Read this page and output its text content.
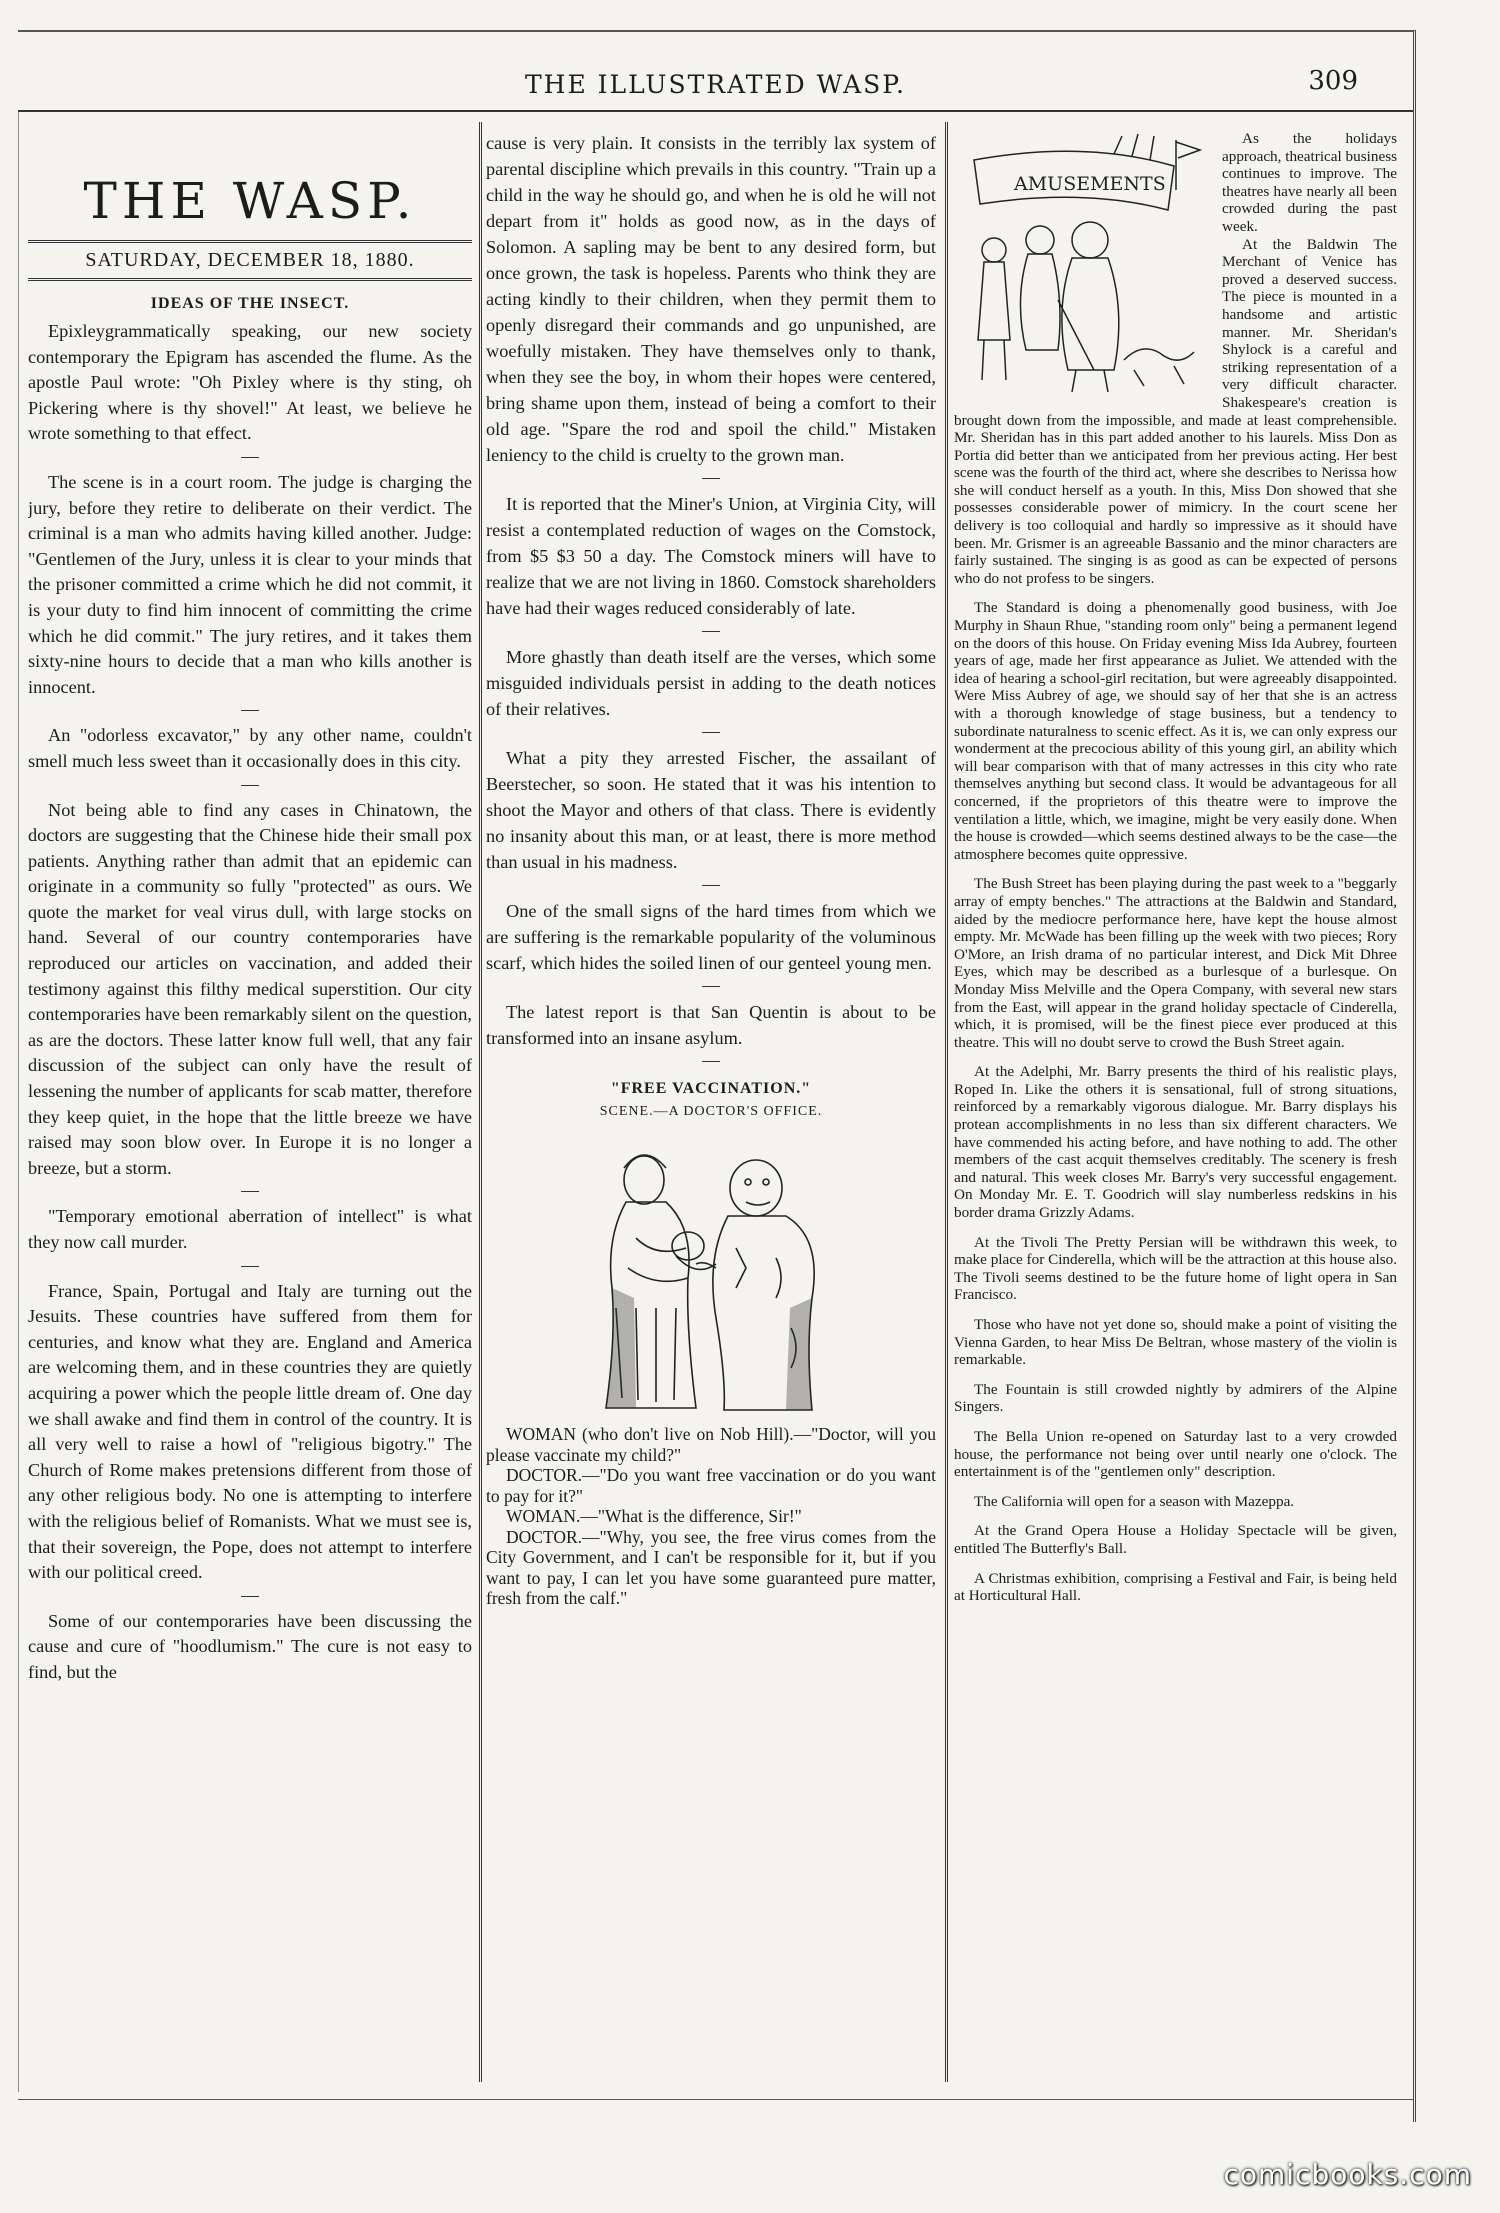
THE ILLUSTRATED WASP.	309
THE WASP.
SATURDAY, DECEMBER 18, 1880.
IDEAS OF THE INSECT.

Epixleygrammatically speaking, our new society contemporary the Epigram has ascended the flume. As the apostle Paul wrote: "Oh Pixley where is thy sting, oh Pickering where is thy shovel!" At least, we believe he wrote something to that effect.

The scene is in a court room. The judge is charging the jury, before they retire to deliberate on their verdict. The criminal is a man who admits having killed another. Judge: "Gentlemen of the Jury, unless it is clear to your minds that the prisoner committed a crime which he did not commit, it is your duty to find him innocent of committing the crime which he did commit." The jury retires, and it takes them sixty-nine hours to decide that a man who kills another is innocent.

An "odorless excavator," by any other name, couldn't smell much less sweet than it occasionally does in this city.

Not being able to find any cases in Chinatown, the doctors are suggesting that the Chinese hide their small pox patients. Anything rather than admit that an epidemic can originate in a community so fully "protected" as ours. We quote the market for veal virus dull, with large stocks on hand. Several of our country contemporaries have reproduced our articles on vaccination, and added their testimony against this filthy medical superstition. Our city contemporaries have been remarkably silent on the question, as are the doctors. These latter know full well, that any fair discussion of the subject can only have the result of lessening the number of applicants for scab matter, therefore they keep quiet, in the hope that the little breeze we have raised may soon blow over. In Europe it is no longer a breeze, but a storm.

"Temporary emotional aberration of intellect" is what they now call murder.

France, Spain, Portugal and Italy are turning out the Jesuits. These countries have suffered from them for centuries, and know what they are. England and America are welcoming them, and in these countries they are quietly acquiring a power which the people little dream of. One day we shall awake and find them in control of the country. It is all very well to raise a howl of "religious bigotry." The Church of Rome makes pretensions different from those of any other religious body. No one is attempting to interfere with the religious belief of Romanists. What we must see is, that their sovereign, the Pope, does not attempt to interfere with our political creed.

Some of our contemporaries have been discussing the cause and cure of "hoodlumism." The cure is not easy to find, but the

cause is very plain. It consists in the terribly lax system of parental discipline which prevails in this country. "Train up a child in the way he should go, and when he is old he will not depart from it" holds as good now, as in the days of Solomon. A sapling may be bent to any desired form, but once grown, the task is hopeless. Parents who think they are acting kindly to their children, when they permit them to openly disregard their commands and go unpunished, are woefully mistaken. They have themselves only to thank, when they see the boy, in whom their hopes were centered, bring shame upon them, instead of being a comfort to their old age. "Spare the rod and spoil the child." Mistaken leniency to the child is cruelty to the grown man.

It is reported that the Miner's Union, at Virginia City, will resist a contemplated reduction of wages on the Comstock, from $5 $3 50 a day. The Comstock miners will have to realize that we are not living in 1860. Comstock shareholders have had their wages reduced considerably of late.

More ghastly than death itself are the verses, which some misguided individuals persist in adding to the death notices of their relatives.

What a pity they arrested Fischer, the assailant of Beerstecher, so soon. He stated that it was his intention to shoot the Mayor and others of that class. There is evidently no insanity about this man, or at least, there is more method than usual in his madness.

One of the small signs of the hard times from which we are suffering is the remarkable popularity of the voluminous scarf, which hides the soiled linen of our genteel young men.

The latest report is that San Quentin is about to be transformed into an insane asylum.

"FREE VACCINATION."
SCENE.—A DOCTOR'S OFFICE.

WOMAN (who don't live on Nob Hill).—"Doctor, will you please vaccinate my child?"

DOCTOR.—"Do you want free vaccination or do you want to pay for it?"

WOMAN.—"What is the difference, Sir!"

DOCTOR.—"Why, you see, the free virus comes from the City Government, and I can't be responsible for it, but if you want to pay, I can let you have some guaranteed pure matter, fresh from the calf."

AMUSEMENTS

As the holidays approach, theatrical business continues to improve. The theatres have nearly all been crowded during the past week.

At the Baldwin The Merchant of Venice has proved a deserved success. The piece is mounted in a handsome and artistic manner. Mr. Sheridan's Shylock is a careful and striking representation of a very difficult character. Shakespeare's creation is brought down from the impossible, and made at least comprehensible. Mr. Sheridan has in this part added another to his laurels. Miss Don as Portia did better than we anticipated from her previous acting. Her best scene was the fourth of the third act, where she describes to Nerissa how she will conduct herself as a youth. In this, Miss Don showed that she possesses considerable power of mimicry. In the court scene her delivery is too colloquial and hardly so impressive as it should have been. Mr. Grismer is an agreeable Bassanio and the minor characters are fairly sustained. The singing is as good as can be expected of persons who do not profess to be singers.

The Standard is doing a phenomenally good business, with Joe Murphy in Shaun Rhue, "standing room only" being a permanent legend on the doors of this house. On Friday evening Miss Ida Aubrey, fourteen years of age, made her first appearance as Juliet. We attended with the idea of hearing a school-girl recitation, but were agreeably disappointed. Were Miss Aubrey of age, we should say of her that she is an actress with a thorough knowledge of stage business, but a tendency to subordinate naturalness to scenic effect. As it is, we can only express our wonderment at the precocious ability of this young girl, an ability which will bear comparison with that of many actresses in this city who rate themselves anything but second class. It would be advantageous for all concerned, if the proprietors of this theatre were to improve the ventilation a little, which, we imagine, might be very easily done. When the house is crowded—which seems destined always to be the case—the atmosphere becomes quite oppressive.

The Bush Street has been playing during the past week to a "beggarly array of empty benches." The attractions at the Baldwin and Standard, aided by the mediocre performance here, have kept the house almost empty. Mr. McWade has been filling up the week with two pieces; Rory O'More, an Irish drama of no particular interest, and Dick Mit Dhree Eyes, which may be described as a burlesque of a burlesque. On Monday Miss Melville and the Opera Company, with several new stars from the East, will appear in the grand holiday spectacle of Cinderella, which, it is promised, will be the finest piece ever produced at this theatre. This will no doubt serve to crowd the Bush Street again.

At the Adelphi, Mr. Barry presents the third of his realistic plays, Roped In. Like the others it is sensational, full of strong situations, reinforced by a remarkably vigorous dialogue. Mr. Barry displays his protean accomplishments in no less than six different characters. We have commended his acting before, and have nothing to add. The other members of the cast acquit themselves creditably. The scenery is fresh and natural. This week closes Mr. Barry's very successful engagement. On Monday Mr. E. T. Goodrich will slay numberless redskins in his border drama Grizzly Adams.

At the Tivoli The Pretty Persian will be withdrawn this week, to make place for Cinderella, which will be the attraction at this house also. The Tivoli seems destined to be the future home of light opera in San Francisco.

Those who have not yet done so, should make a point of visiting the Vienna Garden, to hear Miss De Beltran, whose mastery of the violin is remarkable.

The Fountain is still crowded nightly by admirers of the Alpine Singers.

The Bella Union re-opened on Saturday last to a very crowded house, the performance not being over until nearly one o'clock. The entertainment is of the "gentlemen only" description.

The California will open for a season with Mazeppa.

At the Grand Opera House a Holiday Spectacle will be given, entitled The Butterfly's Ball.

A Christmas exhibition, comprising a Festival and Fair, is being held at Horticultural Hall.

comicbooks.com
